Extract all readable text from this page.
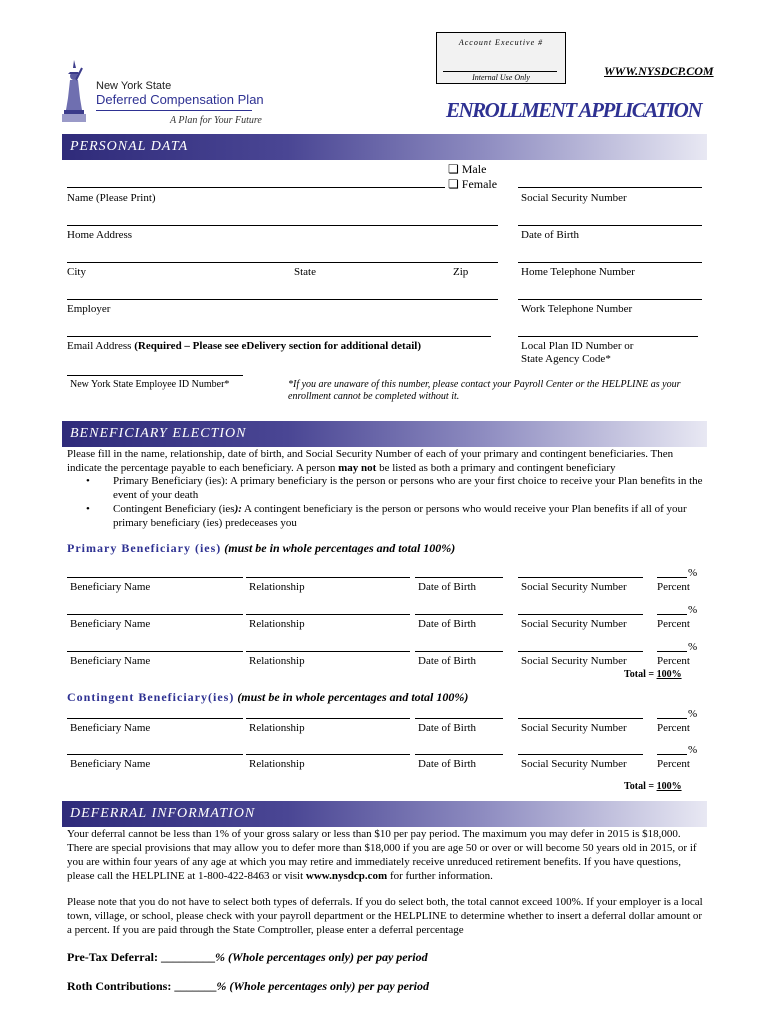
Account Executive #
Internal Use Only	WWW.NYSDCP.COM
ENROLLMENT APPLICATION
New York State
Deferred Compensation Plan
A Plan for Your Future
PERSONAL DATA
❏ Male
❏ Female
Name (Please Print)	Social Security Number
Home Address	Date of Birth
City	State	Zip	Home Telephone Number
Employer	Work Telephone Number
Email Address (Required – Please see eDelivery section for additional detail)	Local Plan ID Number or
State Agency Code*
New York State Employee ID Number*	*If you are unaware of this number, please contact your Payroll Center or the HELPLINE as your enrollment cannot be completed without it.
BENEFICIARY ELECTION
Please fill in the name, relationship, date of birth, and Social Security Number of each of your primary and contingent beneficiaries. Then indicate the percentage payable to each beneficiary. A person may not be listed as both a primary and contingent beneficiary
• Primary Beneficiary (ies): A primary beneficiary is the person or persons who are your first choice to receive your Plan benefits in the event of your death
• Contingent Beneficiary (ies): A contingent beneficiary is the person or persons who would receive your Plan benefits if all of your primary beneficiary (ies) predeceases you
Primary Beneficiary (ies) (must be in whole percentages and total 100%)
Beneficiary Name	Relationship	Date of Birth	Social Security Number
%
Percent
Beneficiary Name	Relationship	Date of Birth	Social Security Number
%
Percent
Beneficiary Name	Relationship	Date of Birth	Social Security Number
%
Percent
Total = 100%
Contingent Beneficiary(ies) (must be in whole percentages and total 100%)
Beneficiary Name	Relationship	Date of Birth	Social Security Number
%
Percent
Beneficiary Name	Relationship	Date of Birth	Social Security Number
%
Percent
Total = 100%
DEFERRAL INFORMATION
Your deferral cannot be less than 1% of your gross salary or less than $10 per pay period. The maximum you may defer in 2015 is $18,000. There are special provisions that may allow you to defer more than $18,000 if you are age 50 or over or will become 50 years old in 2015, or if you are within four years of any age at which you may retire and immediately receive unreduced retirement benefits. If you have questions, please call the HELPLINE at 1-800-422-8463 or visit www.nysdcp.com for further information.
Please note that you do not have to select both types of deferrals. If you do select both, the total cannot exceed 100%. If your employer is a local town, village, or school, please check with your payroll department or the HELPLINE to determine whether to insert a deferral dollar amount or a percent. If you are paid through the State Comptroller, please enter a deferral percentage
Pre-Tax Deferral: _________% (Whole percentages only) per pay period
Roth Contributions: _______% (Whole percentages only) per pay period
